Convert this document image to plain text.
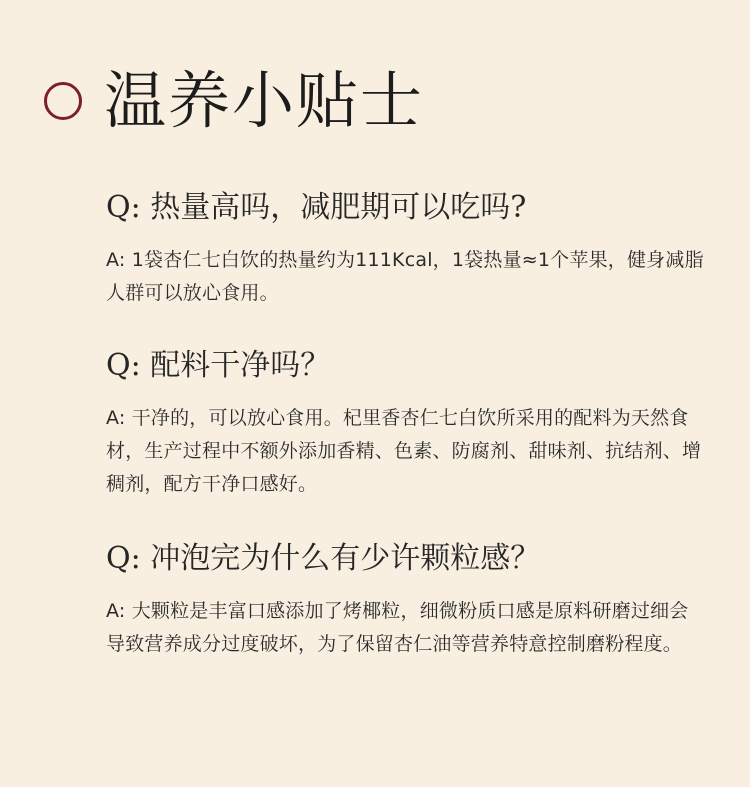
温养小贴士
Q: 热量高吗，减肥期可以吃吗?
A: 1袋杏仁七白饮的热量约为111Kcal，1袋热量≈1个苹果，健身减脂人群可以放心食用。
Q: 配料干净吗？
A: 干净的，可以放心食用。杞里香杏仁七白饮所采用的配料为天然食材，生产过程中不额外添加香精、色素、防腐剂、甜味剂、抗结剂、增稠剂，配方干净口感好。
Q: 冲泡完为什么有少许颗粒感？
A: 大颗粒是丰富口感添加了烤椰粒，细微粉质口感是原料研磨过细会导致营养成分过度破坏，为了保留杏仁油等营养特意控制磨粉程度。
